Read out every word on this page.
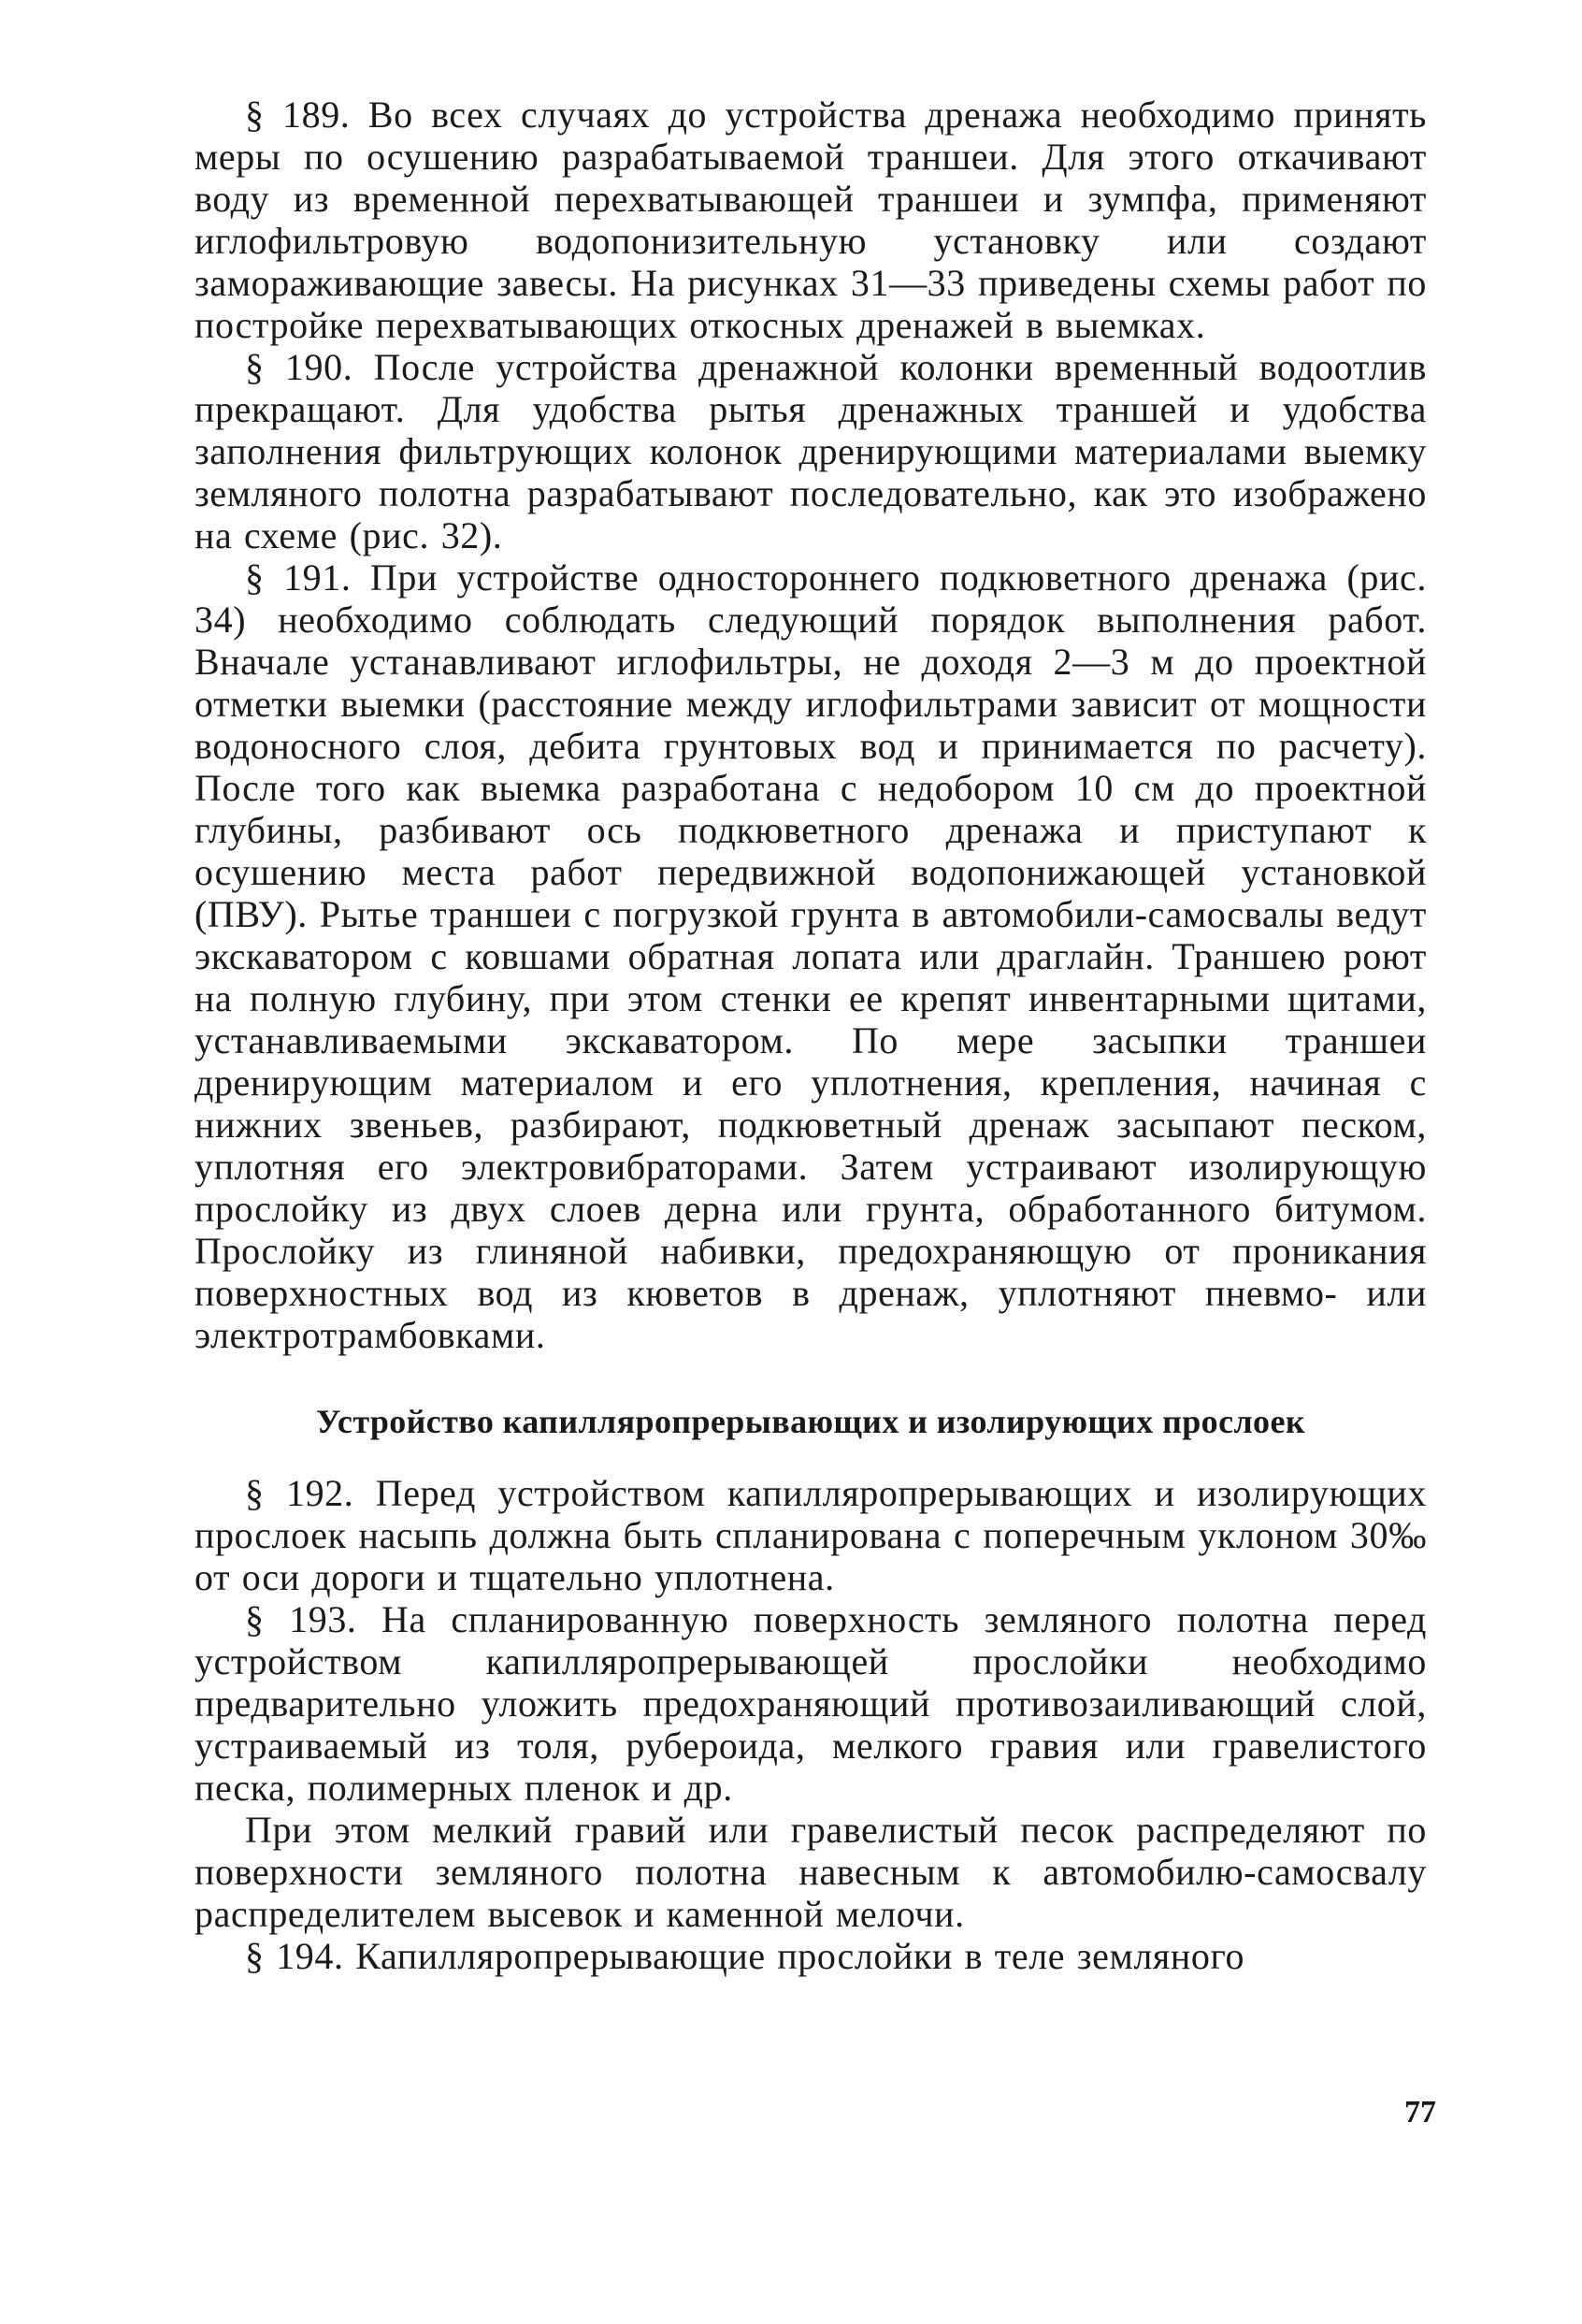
§ 189. Во всех случаях до устройства дренажа необходимо принять меры по осушению разрабатываемой траншеи. Для этого откачивают воду из временной перехватывающей траншеи и зумпфа, применяют иглофильтровую водопонизительную установку или создают замораживающие завесы. На рисунках 31—33 приведены схемы работ по постройке перехватывающих откосных дренажей в выемках.

§ 190. После устройства дренажной колонки временный водоотлив прекращают. Для удобства рытья дренажных траншей и удобства заполнения фильтрующих колонок дренирующими материалами выемку земляного полотна разрабатывают последовательно, как это изображено на схеме (рис. 32).

§ 191. При устройстве одностороннего подкюветного дренажа (рис. 34) необходимо соблюдать следующий порядок выполнения работ. Вначале устанавливают иглофильтры, не доходя 2—3 м до проектной отметки выемки (расстояние между иглофильтрами зависит от мощности водоносного слоя, дебита грунтовых вод и принимается по расчету). После того как выемка разработана с недобором 10 см до проектной глубины, разбивают ось подкюветного дренажа и приступают к осушению места работ передвижной водопонижающей установкой (ПВУ). Рытье траншеи с погрузкой грунта в автомобили-самосвалы ведут экскаватором с ковшами обратная лопата или драглайн. Траншею роют на полную глубину, при этом стенки ее крепят инвентарными щитами, устанавливаемыми экскаватором. По мере засыпки траншеи дренирующим материалом и его уплотнения, крепления, начиная с нижних звеньев, разбирают, подкюветный дренаж засыпают песком, уплотняя его электровибраторами. Затем устраивают изолирующую прослойку из двух слоев дерна или грунта, обработанного битумом. Прослойку из глиняной набивки, предохраняющую от проникания поверхностных вод из кюветов в дренаж, уплотняют пневмо- или электротрамбовками.

Устройство капилляропрерывающих и изолирующих прослоек

§ 192. Перед устройством капилляропрерывающих и изолирующих прослоек насыпь должна быть спланирована с поперечным уклоном 30‰ от оси дороги и тщательно уплотнена.

§ 193. На спланированную поверхность земляного полотна перед устройством капилляропрерывающей прослойки необходимо предварительно уложить предохраняющий противозаиливающий слой, устраиваемый из толя, рубероида, мелкого гравия или гравелистого песка, полимерных пленок и др.

При этом мелкий гравий или гравелистый песок распределяют по поверхности земляного полотна навесным к автомобилю-самосвалу распределителем высевок и каменной мелочи.

§ 194. Капилляропрерывающие прослойки в теле земляного

77
